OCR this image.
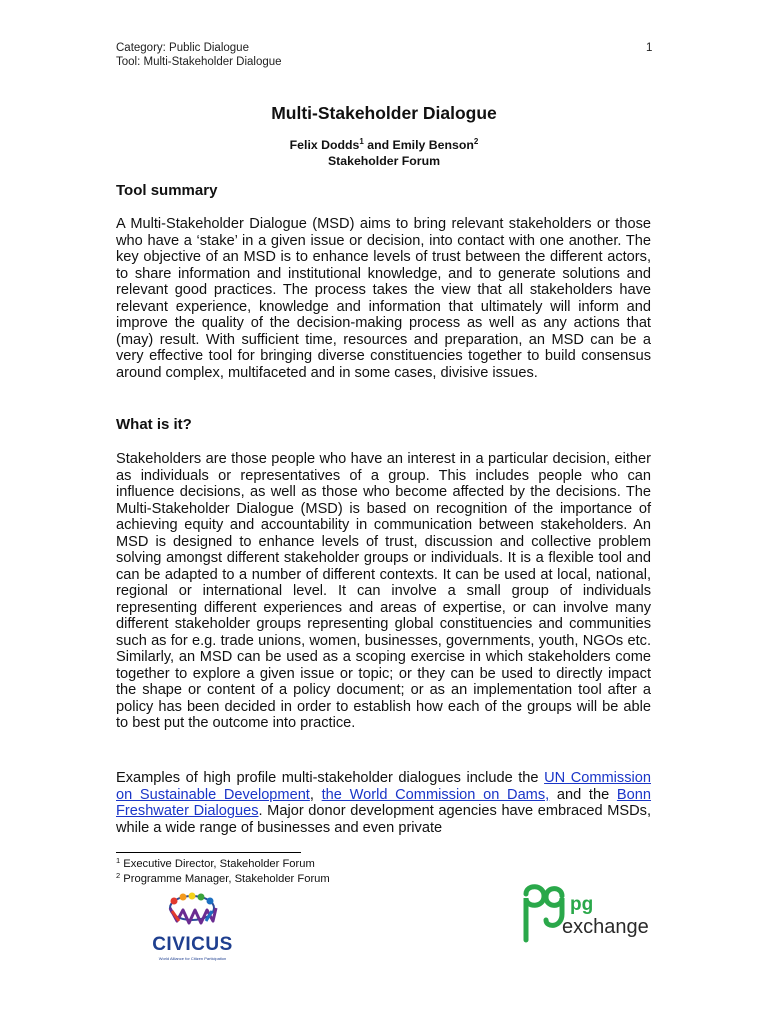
Category: Public Dialogue
Tool: Multi-Stakeholder Dialogue
1
Multi-Stakeholder Dialogue
Felix Dodds$^1$ and Emily Benson$^2$
Stakeholder Forum
Tool summary
A Multi-Stakeholder Dialogue (MSD) aims to bring relevant stakeholders or those who have a ‘stake’ in a given issue or decision, into contact with one another. The key objective of an MSD is to enhance levels of trust between the different actors, to share information and institutional knowledge, and to generate solutions and relevant good practices. The process takes the view that all stakeholders have relevant experience, knowledge and information that ultimately will inform and improve the quality of the decision-making process as well as any actions that (may) result. With sufficient time, resources and preparation, an MSD can be a very effective tool for bringing diverse constituencies together to build consensus around complex, multifaceted and in some cases, divisive issues.
What is it?
Stakeholders are those people who have an interest in a particular decision, either as individuals or representatives of a group. This includes people who can influence decisions, as well as those who become affected by the decisions. The Multi-Stakeholder Dialogue (MSD) is based on recognition of the importance of achieving equity and accountability in communication between stakeholders. An MSD is designed to enhance levels of trust, discussion and collective problem solving amongst different stakeholder groups or individuals. It is a flexible tool and can be adapted to a number of different contexts. It can be used at local, national, regional or international level. It can involve a small group of individuals representing different experiences and areas of expertise, or can involve many different stakeholder groups representing global constituencies and communities such as for e.g. trade unions, women, businesses, governments, youth, NGOs etc. Similarly, an MSD can be used as a scoping exercise in which stakeholders come together to explore a given issue or topic; or they can be used to directly impact the shape or content of a policy document; or as an implementation tool after a policy has been decided in order to establish how each of the groups will be able to best put the outcome into practice.
Examples of high profile multi-stakeholder dialogues include the UN Commission on Sustainable Development, the World Commission on Dams, and the Bonn Freshwater Dialogues. Major donor development agencies have embraced MSDs, while a wide range of businesses and even private
$^1$ Executive Director, Stakeholder Forum
$^2$ Programme Manager, Stakeholder Forum
CIVICUS
World Alliance for Citizen Participation
pg
exchange
